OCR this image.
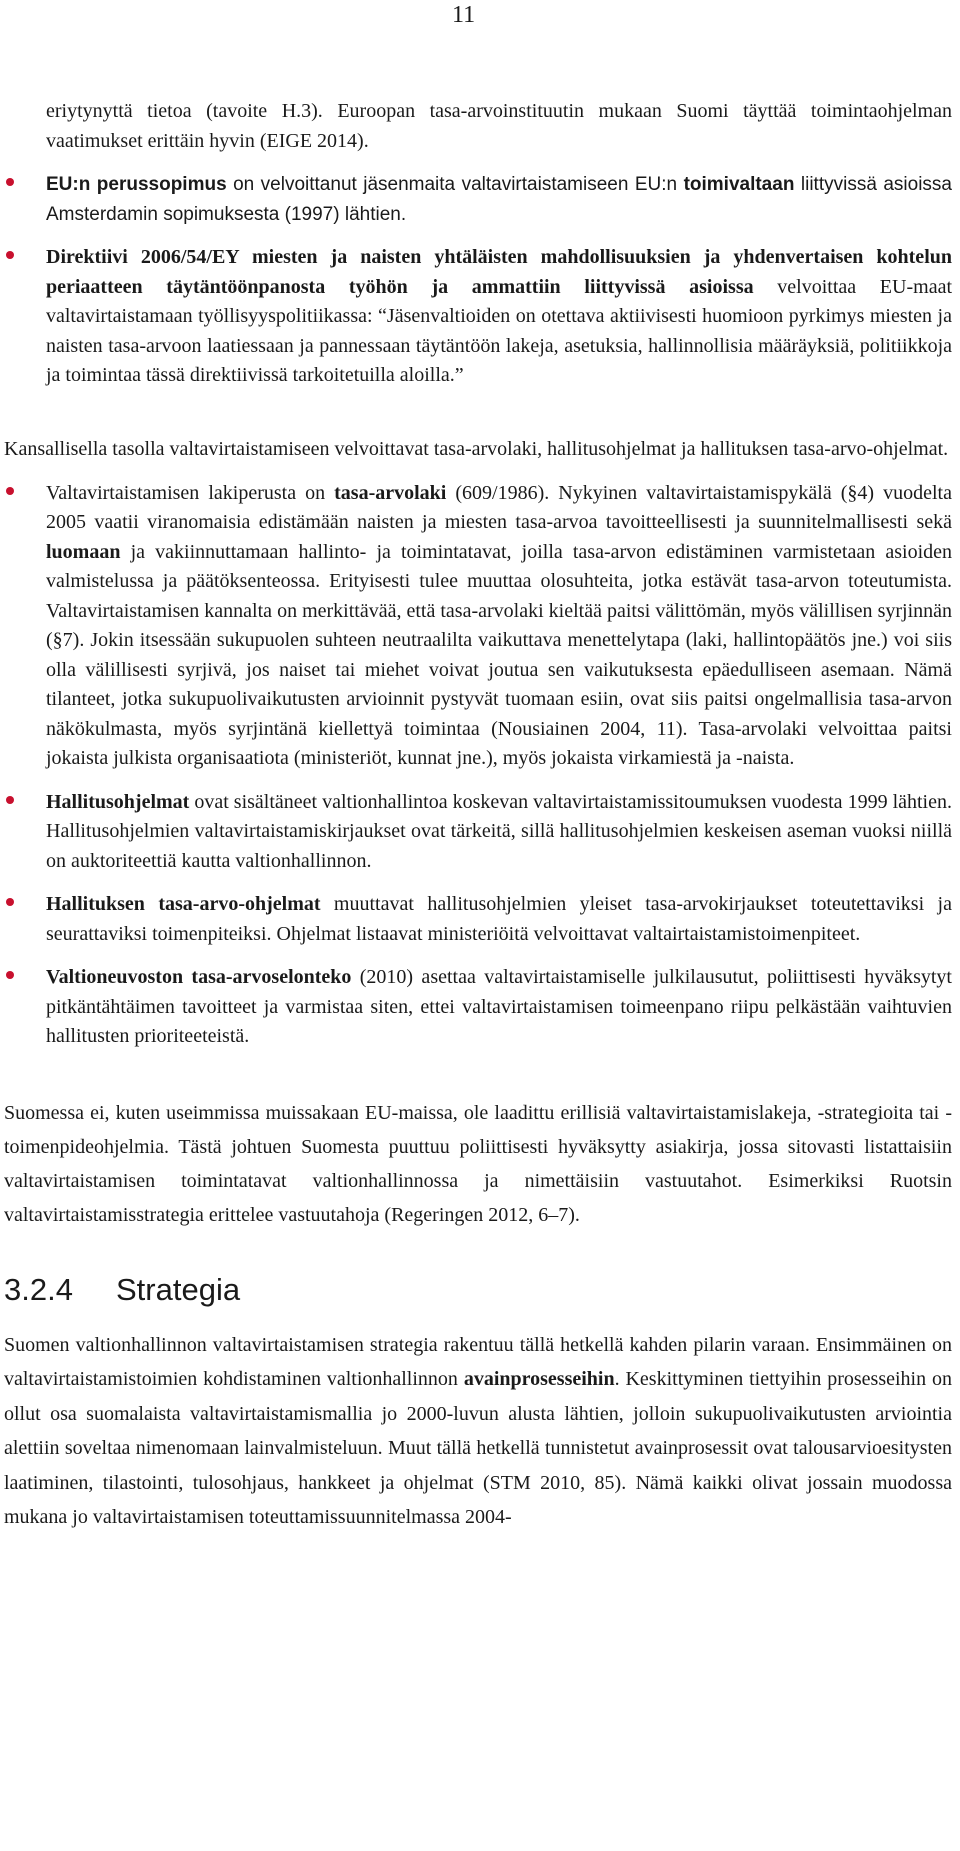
11

eriytynyttä tietoa (tavoite H.3). Euroopan tasa-arvoinstituutin mukaan Suomi täyttää toimintaohjelman vaatimukset erittäin hyvin (EIGE 2014).

EU:n perussopimus on velvoittanut jäsenmaita valtavirtaistamiseen EU:n toimivaltaan liittyvissä asioissa Amsterdamin sopimuksesta (1997) lähtien.
Direktiivi 2006/54/EY miesten ja naisten yhtäläisten mahdollisuuksien ja yhdenvertaisen kohtelun periaatteen täytäntöönpanosta työhön ja ammattiin liittyvissä asioissa velvoittaa EU-maat valtavirtaistamaan työllisyyspolitiikassa: “Jäsenvaltioiden on otettava aktiivisesti huomioon pyrkimys miesten ja naisten tasa-arvoon laatiessaan ja pannessaan täytäntöön lakeja, asetuksia, hallinnollisia määräyksiä, politiikkoja ja toimintaa tässä direktiivissä tarkoitetuilla aloilla.”

Kansallisella tasolla valtavirtaistamiseen velvoittavat tasa-arvolaki, hallitusohjelmat ja hallituksen tasa-arvo-ohjelmat.

Valtavirtaistamisen lakiperusta on tasa-arvolaki (609/1986). Nykyinen valtavirtaistamispykälä (§4) vuodelta 2005 vaatii viranomaisia edistämään naisten ja miesten tasa-arvoa tavoitteellisesti ja suunnitelmallisesti sekä luomaan ja vakiinnuttamaan hallinto- ja toimintatavat, joilla tasa-arvon edistäminen varmistetaan asioiden valmistelussa ja päätöksenteossa. Erityisesti tulee muuttaa olosuhteita, jotka estävät tasa-arvon toteutumista. Valtavirtaistamisen kannalta on merkittävää, että tasa-arvolaki kieltää paitsi välittömän, myös välillisen syrjinnän (§7). Jokin itsessään sukupuolen suhteen neutraalilta vaikuttava menettelytapa (laki, hallintopäätös jne.) voi siis olla välillisesti syrjivä, jos naiset tai miehet voivat joutua sen vaikutuksesta epäedulliseen asemaan. Nämä tilanteet, jotka sukupuolivaikutusten arvioinnit pystyvät tuomaan esiin, ovat siis paitsi ongelmallisia tasa-arvon näkökulmasta, myös syrjintänä kiellettyä toimintaa (Nousiainen 2004, 11). Tasa-arvolaki velvoittaa paitsi jokaista julkista organisaatiota (ministeriöt, kunnat jne.), myös jokaista virkamiestä ja -naista.
Hallitusohjelmat ovat sisältäneet valtionhallintoa koskevan valtavirtaistamissitoumuksen vuodesta 1999 lähtien. Hallitusohjelmien valtavirtaistamiskirjaukset ovat tärkeitä, sillä hallitusohjelmien keskeisen aseman vuoksi niillä on auktoriteettiä kautta valtionhallinnon.
Hallituksen tasa-arvo-ohjelmat muuttavat hallitusohjelmien yleiset tasa-arvokirjaukset toteutettaviksi ja seurattaviksi toimenpiteiksi. Ohjelmat listaavat ministeriöitä velvoittavat valtairtaistamistoimenpiteet.
Valtioneuvoston tasa-arvoselonteko (2010) asettaa valtavirtaistamiselle julkilausutut, poliittisesti hyväksytyt pitkäntähtäimen tavoitteet ja varmistaa siten, ettei valtavirtaistamisen toimeenpano riipu pelkästään vaihtuvien hallitusten prioriteeteistä.

Suomessa ei, kuten useimmissa muissakaan EU-maissa, ole laadittu erillisiä valtavirtaistamislakeja, -strategioita tai -toimenpideohjelmia. Tästä johtuen Suomesta puuttuu poliittisesti hyväksytty asiakirja, jossa sitovasti listattaisiin valtavirtaistamisen toimintatavat valtionhallinnossa ja nimettäisiin vastuutahot. Esimerkiksi Ruotsin valtavirtaistamisstrategia erittelee vastuutahoja (Regeringen 2012, 6–7).

3.2.4 Strategia

Suomen valtionhallinnon valtavirtaistamisen strategia rakentuu tällä hetkellä kahden pilarin varaan. Ensimmäinen on valtavirtaistamistoimien kohdistaminen valtionhallinnon avainprosesseihin. Keskittyminen tiettyihin prosesseihin on ollut osa suomalaista valtavirtaistamismallia jo 2000-luvun alusta lähtien, jolloin sukupuolivaikutusten arviointia alettiin soveltaa nimenomaan lainvalmisteluun. Muut tällä hetkellä tunnistetut avainprosessit ovat talousarvioesitysten laatiminen, tilastointi, tulosohjaus, hankkeet ja ohjelmat (STM 2010, 85). Nämä kaikki olivat jossain muodossa mukana jo valtavirtaistamisen toteuttamissuunnitelmassa 2004-
